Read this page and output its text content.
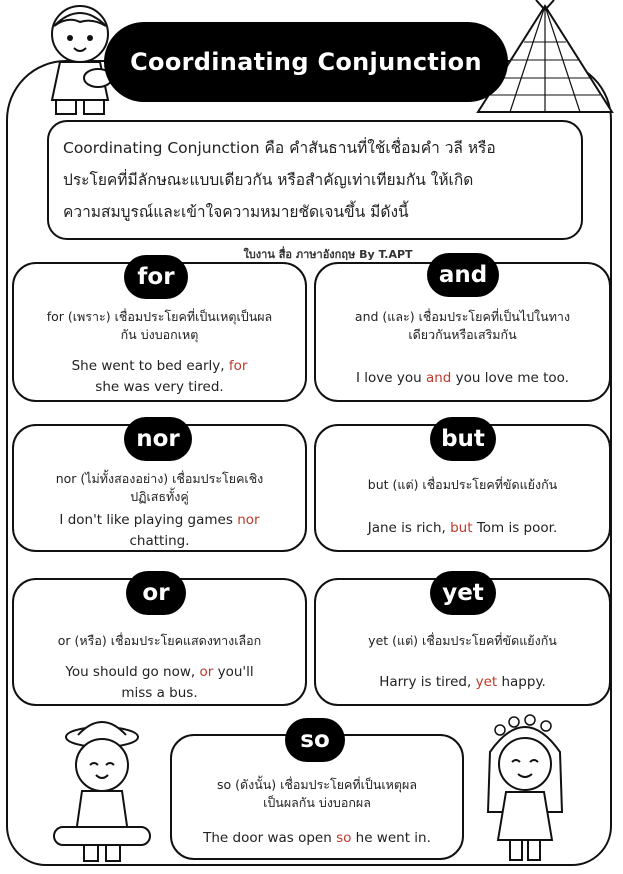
Coordinating Conjunction
Coordinating Conjunction คือ คำสันธานที่ใช้เชื่อมคำ วลี หรือ
ประโยคที่มีลักษณะแบบเดียวกัน หรือสำคัญเท่าเทียมกัน ให้เกิด
ความสมบูรณ์และเข้าใจความหมายชัดเจนขึ้น มีดังนี้
ใบงาน สื่อ ภาษาอังกฤษ By T.APT
for (เพราะ) เชื่อมประโยคที่เป็นเหตุเป็นผล
กัน บ่งบอกเหตุ
She went to bed early, for
she was very tired.
for
and (และ) เชื่อมประโยคที่เป็นไปในทาง
เดียวกันหรือเสริมกัน
I love you and you love me too.
and
nor (ไม่ทั้งสองอย่าง) เชื่อมประโยคเชิง
ปฏิเสธทั้งคู่
I don't like playing games nor
chatting.
nor
but (แต่) เชื่อมประโยคที่ขัดแย้งกัน
Jane is rich, but Tom is poor.
but
or (หรือ) เชื่อมประโยคแสดงทางเลือก
You should go now, or you'll
miss a bus.
or
yet (แต่) เชื่อมประโยคที่ขัดแย้งกัน
Harry is tired, yet happy.
yet
so (ดังนั้น) เชื่อมประโยคที่เป็นเหตุผล
เป็นผลกัน บ่งบอกผล
The door was open so he went in.
so
